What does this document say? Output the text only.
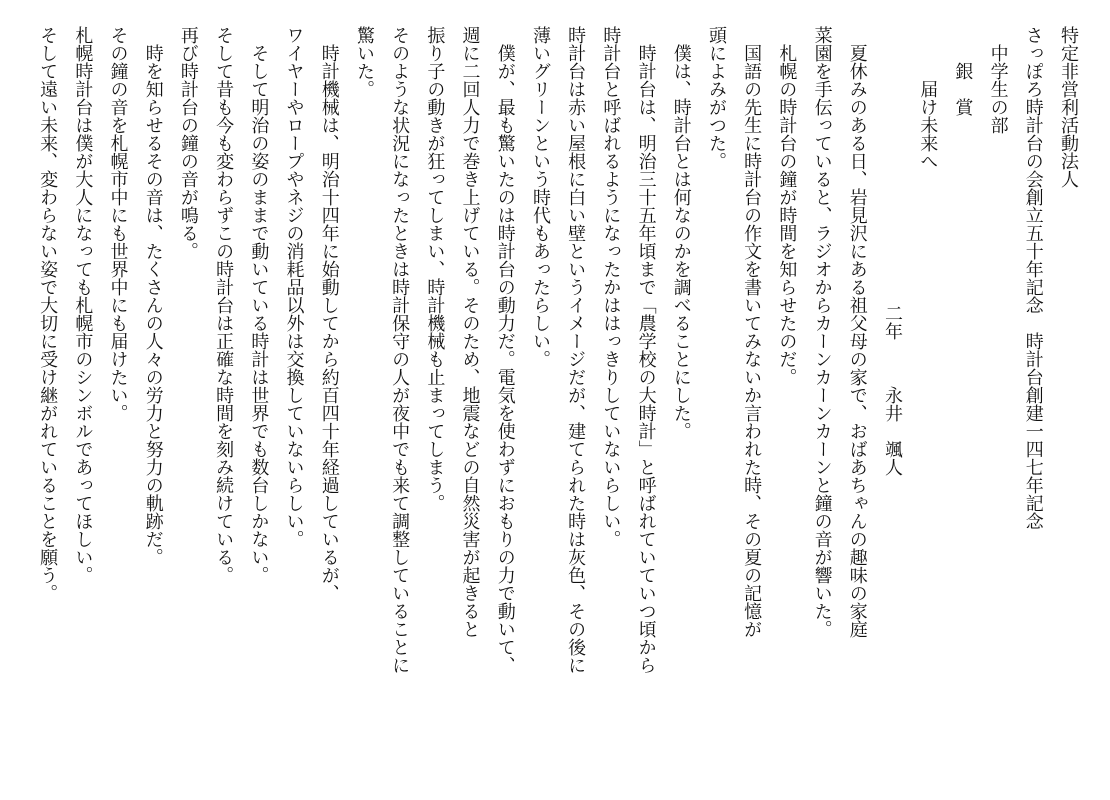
特定非営利活動法人
さっぽろ時計台の会創立五十年記念　時計台創建一四七年記念
　中学生の部
　　銀　賞
　　　届け未来へ
二年
永井　颯人
　夏休みのある日、岩見沢にある祖父母の家で、おばあちゃんの趣味の家庭
菜園を手伝っていると、ラジオからカーンカーンカーンと鐘の音が響いた。
　札幌の時計台の鐘が時間を知らせたのだ。
　国語の先生に時計台の作文を書いてみないか言われた時、その夏の記憶が
頭によみがつた。
　僕は、時計台とは何なのかを調べることにした。
　時計台は、明治三十五年頃まで「農学校の大時計」と呼ばれていていつ頃から
時計台と呼ばれるようになったかははっきりしていないらしい。
時計台は赤い屋根に白い壁というイメージだが、建てられた時は灰色、その後に
薄いグリーンという時代もあったらしい。
　僕が、最も驚いたのは時計台の動力だ。電気を使わずにおもりの力で動いて、
週に二回人力で巻き上げている。そのため、地震などの自然災害が起きると
振り子の動きが狂ってしまい、時計機械も止まってしまう。
そのような状況になったときは時計保守の人が夜中でも来て調整していることに
驚いた。
　時計機械は、明治十四年に始動してから約百四十年経過しているが、
ワイヤーやロープやネジの消耗品以外は交換していないらしい。
　そして明治の姿のままで動いている時計は世界でも数台しかない。
そして昔も今も変わらずこの時計台は正確な時間を刻み続けている。
再び時計台の鐘の音が鳴る。
　時を知らせるその音は、たくさんの人々の労力と努力の軌跡だ。
その鐘の音を札幌市中にも世界中にも届けたい。
札幌時計台は僕が大人になっても札幌市のシンボルであってほしい。
そして遠い未来、変わらない姿で大切に受け継がれていることを願う。
